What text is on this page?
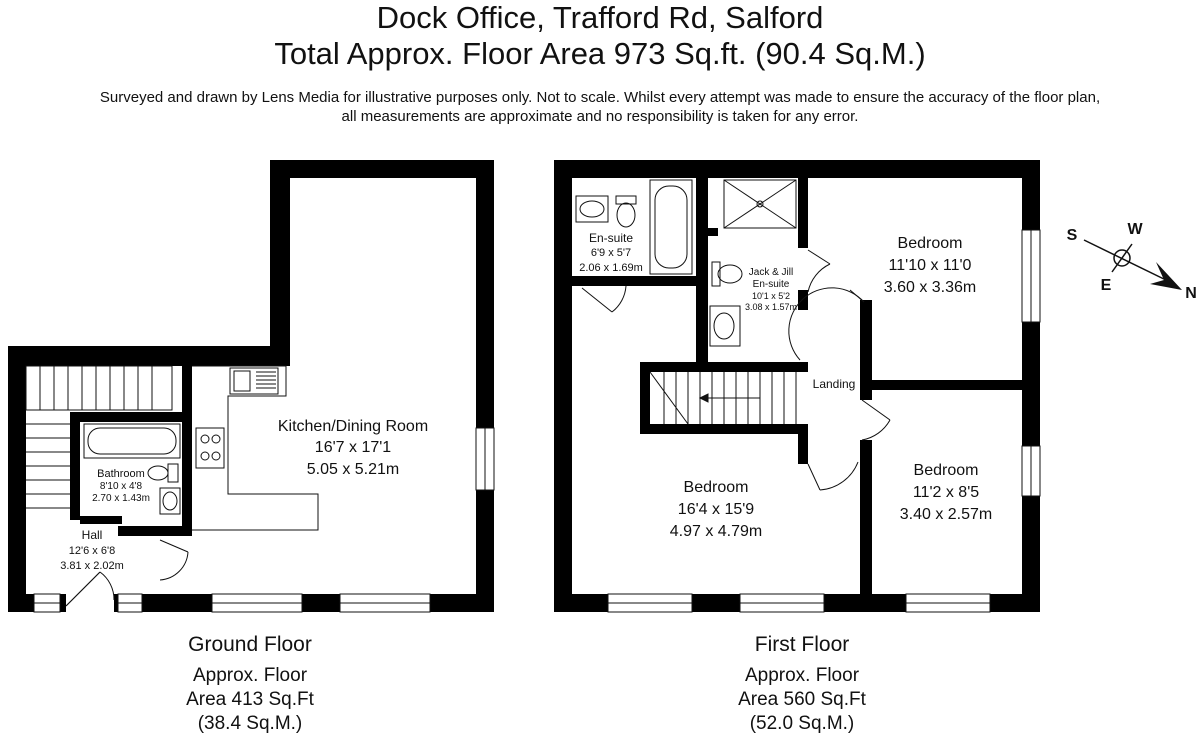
Dock Office, Trafford Rd, Salford
Total Approx. Floor Area 973 Sq.ft. (90.4 Sq.M.)
Surveyed and drawn by Lens Media for illustrative purposes only. Not to scale. Whilst every attempt was made to ensure the accuracy of the floor plan,
all measurements are approximate and no responsibility is taken for any error.
Kitchen/Dining Room
16'7 x 17'1
5.05 x 5.21m
Bathroom
8'10 x 4'8
2.70 x 1.43m
Hall
12'6 x 6'8
3.81 x 2.02m
En-suite
6'9 x 5'7
2.06 x 1.69m	Jack & Jill
En-suite
10'1 x 5'2
3.08 x 1.57m
Bedroom
11'10 x 11'0
3.60 x 3.36m
Landing
Bedroom
16'4 x 15'9
4.97 x 4.79m
Bedroom
11'2 x 8'5
3.40 x 2.57m
S	W
E	N
Ground Floor
Approx. Floor
Area 413 Sq.Ft
(38.4 Sq.M.)
First Floor
Approx. Floor
Area 560 Sq.Ft
(52.0 Sq.M.)
